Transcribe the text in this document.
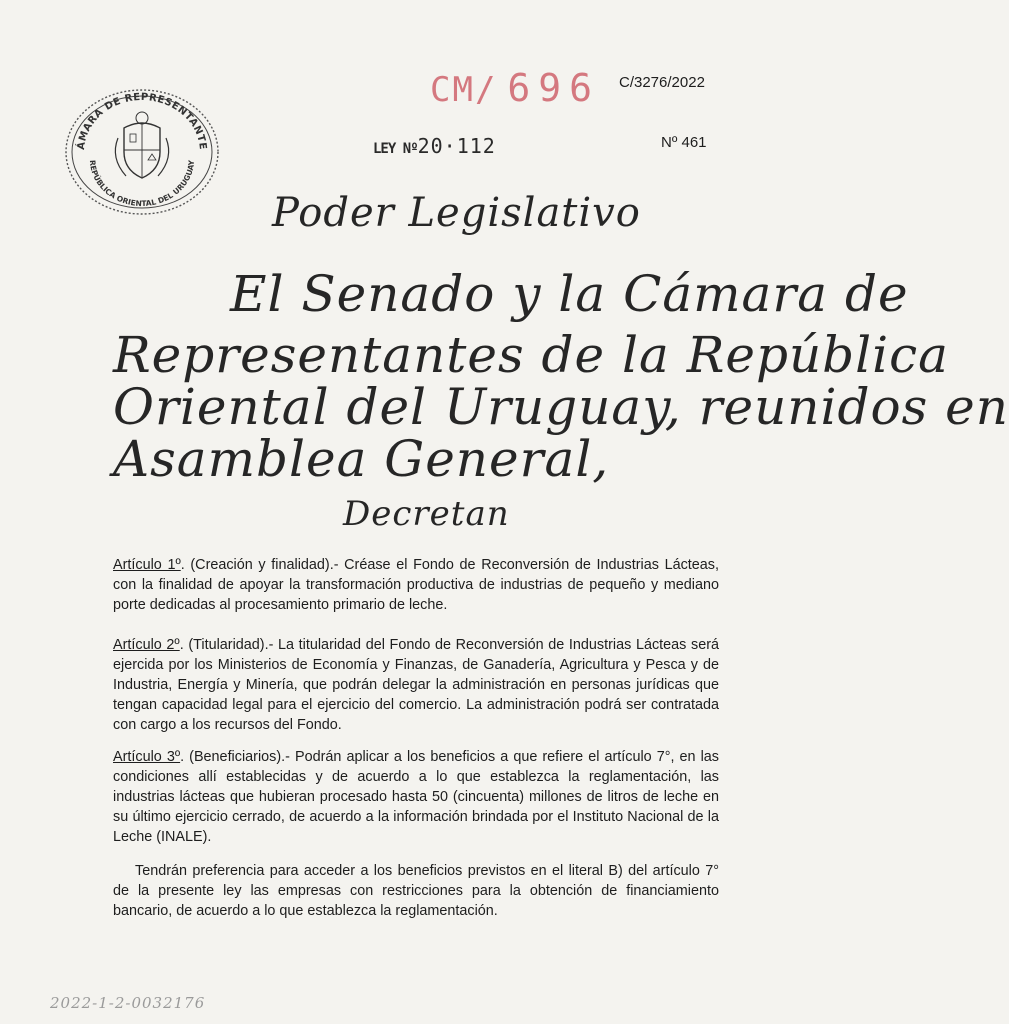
ÁMARA DE REPRESENTANTE
REPÚBLICA ORIENTAL DEL URUGUAY
CM/ 696 C/3276/2022
LEY Nº20·112	Nº 461
Poder Legislativo
El Senado y la Cámara de
Representantes de la República
Oriental del Uruguay, reunidos en
Asamblea General,
Decretan
Artículo 1º. (Creación y finalidad).- Créase el Fondo de Reconversión de Industrias Lácteas, con la finalidad de apoyar la transformación productiva de industrias de pequeño y mediano porte dedicadas al procesamiento primario de leche.
Artículo 2º. (Titularidad).- La titularidad del Fondo de Reconversión de Industrias Lácteas será ejercida por los Ministerios de Economía y Finanzas, de Ganadería, Agricultura y Pesca y de Industria, Energía y Minería, que podrán delegar la administración en personas jurídicas que tengan capacidad legal para el ejercicio del comercio. La administración podrá ser contratada con cargo a los recursos del Fondo.
Artículo 3º. (Beneficiarios).- Podrán aplicar a los beneficios a que refiere el artículo 7°, en las condiciones allí establecidas y de acuerdo a lo que establezca la reglamentación, las industrias lácteas que hubieran procesado hasta 50 (cincuenta) millones de litros de leche en su último ejercicio cerrado, de acuerdo a la información brindada por el Instituto Nacional de la Leche (INALE).
Tendrán preferencia para acceder a los beneficios previstos en el literal B) del artículo 7° de la presente ley las empresas con restricciones para la obtención de financiamiento bancario, de acuerdo a lo que establezca la reglamentación.
2022-1-2-0032176
